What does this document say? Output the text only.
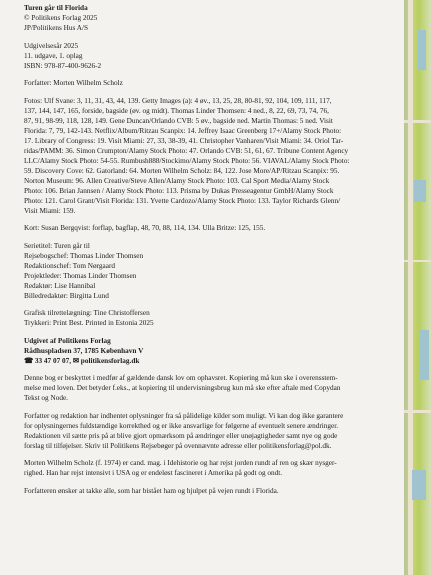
Turen går til Florida

© Politikens Forlag 2025

JP/Politikens Hus A/S

Udgivelsesår 2025

11. udgave, 1. oplag

ISBN: 978-87-400-9626-2

Forfatter: Morten Wilhelm Scholz

Fotos: Ulf Svane: 3, 11, 31, 43, 44, 139. Getty Images (a): 4 øv., 13, 25, 28, 80-81, 92, 104, 109, 111, 117,

137, 144, 147, 165, forside, bagside (øv. og midt). Thomas Linder Thomsen: 4 ned., 8, 22, 69, 73, 74, 76,

87, 91, 98-99, 118, 128, 149. Gene Duncan/Orlando CVB: 5 øv., bagside ned. Martin Thomas: 5 ned. Visit

Florida: 7, 79, 142-143. Netflix/Album/Ritzau Scanpix: 14. Jeffrey Isaac Greenberg 17+/Alamy Stock Photo:

17. Library of Congress: 19. Visit Miami: 27, 33, 38-39, 41. Christopher Vanharen/Visit Miami: 34. Oriol Tar-

ridas/PAMM: 36. Simon Crumpton/Alamy Stock Photo: 47. Orlando CVB: 51, 61, 67. Tribune Content Agency

LLC/Alamy Stock Photo: 54-55. Rumbush888/Stockimo/Alamy Stock Photo: 56. VIAVAL/Alamy Stock Photo:

59. Discovery Cove: 62. Gatorland: 64. Morten Wilhelm Scholz: 84, 122. Jose More/AP/Ritzau Scanpix: 95.

Norton Museum: 96. Allen Creative/Steve Allen/Alamy Stock Photo: 103. Cal Sport Media/Alamy Stock

Photo: 106. Brian Jannsen / Alamy Stock Photo: 113. Prisma by Dukas Presseagentur GmbH/Alamy Stock

Photo: 121. Carol Grant/Visit Florida: 131. Yvette Cardozo/Alamy Stock Photo: 133. Taylor Richards Glenn/

Visit Miami: 159.

Kort: Susan Bergqvist: forflap, bagflap, 48, 70, 88, 114, 134. Ulla Britze: 125, 155.

Serietitel: Turen går til

Rejsebogschef: Thomas Linder Thomsen

Redaktionschef: Tom Nørgaard

Projektleder: Thomas Linder Thomsen

Redaktør: Lise Hannibal

Billedredaktør: Birgitta Lund

Grafisk tilrettelægning: Tine Christoffersen

Trykkeri: Print Best. Printed in Estonia 2025

Udgivet af Politikens Forlag

Rådhuspladsen 37, 1785 København V

☎ 33 47 07 07, ✉ politikensforlag.dk

Denne bog er beskyttet i medfør af gældende dansk lov om ophavsret. Kopiering må kun ske i overensstem-

melse med loven. Det betyder f.eks., at kopiering til undervisningsbrug kun må ske efter aftale med Copydan

Tekst og Node.

Forfatter og redaktion har indhentet oplysninger fra så pålidelige kilder som muligt. Vi kan dog ikke garantere

for oplysningernes fuldstændige korrekthed og er ikke ansvarlige for følgerne af eventuelt senere ændringer.

Redaktionen vil sætte pris på at blive gjort opmærksom på ændringer eller unøjagtigheder samt nye og gode

forslag til tilføjelser. Skriv til Politikens Rejsebøger på ovennævnte adresse eller politikensforlag@pol.dk.

Morten Wilhelm Scholz (f. 1974) er cand. mag. i Idehistorie og har rejst jorden rundt af ren og skær nysger-

righed. Han har rejst intensivt i USA og er endeløst fascineret i Amerika på godt og ondt.

Forfatteren ønsker at takke alle, som har bistået ham og hjulpet på vejen rundt i Florida.
